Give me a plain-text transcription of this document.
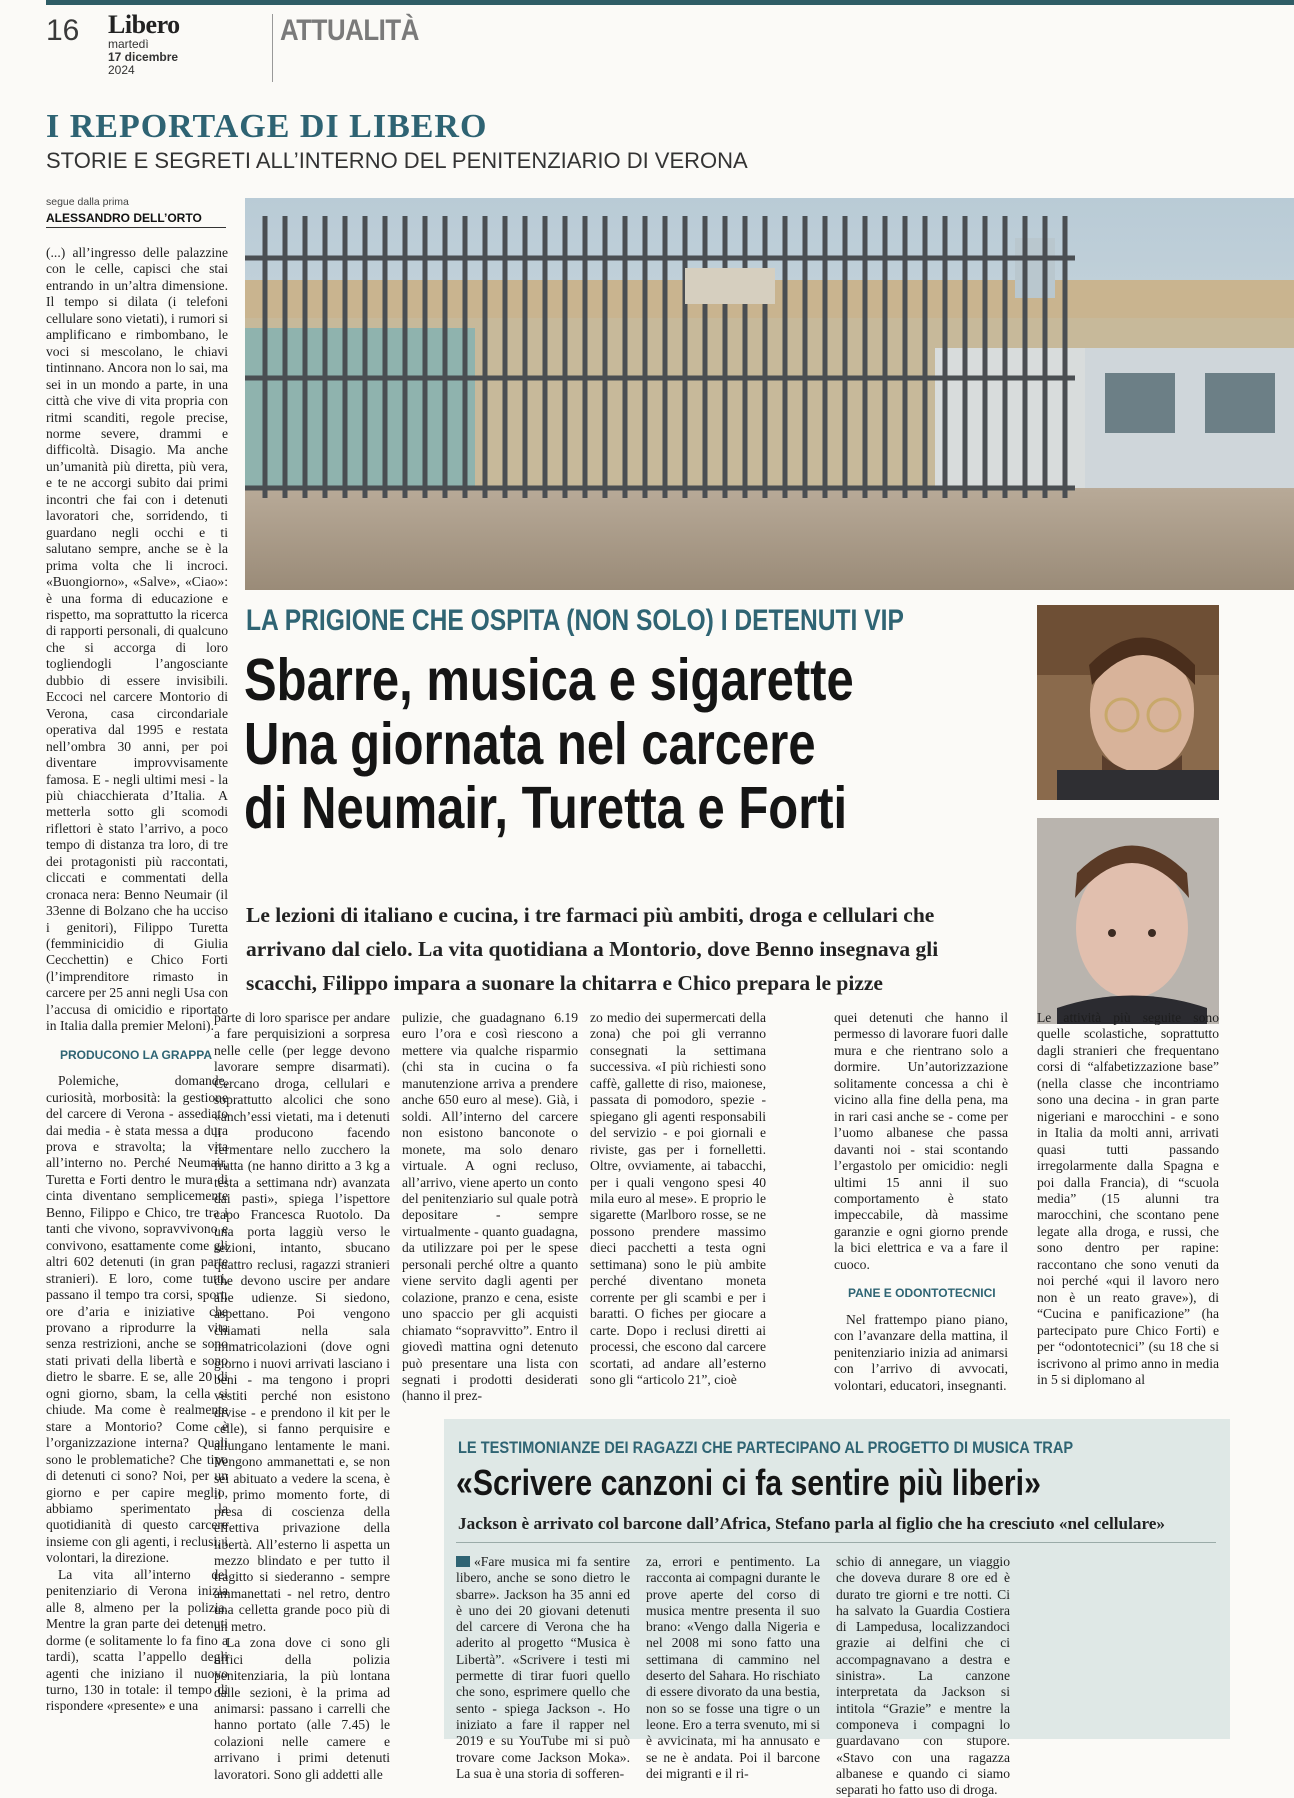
16 Libero
martedì
17 dicembre
2024
ATTUALITÀ
I REPORTAGE DI LIBERO
STORIE E SEGRETI ALL’INTERNO DEL PENITENZIARIO DI VERONA
segue dalla prima
ALESSANDRO DELL’ORTO
LA PRIGIONE CHE OSPITA (NON SOLO) I DETENUTI VIP
Sbarre, musica e sigarette
Una giornata nel carcere
di Neumair, Turetta e Forti
Le lezioni di italiano e cucina, i tre farmaci più ambiti, droga e cellulari che arrivano dal cielo. La vita quotidiana a Montorio, dove Benno insegnava gli scacchi, Filippo impara a suonare la chitarra e Chico prepara le pizze

(...) all’ingresso delle palazzine con le celle, capisci che stai entrando in un’altra dimensione. Il tempo si dilata (i telefoni cellulare sono vietati), i rumori si amplificano e rimbombano, le voci si mescolano, le chiavi tintinnano. Ancora non lo sai, ma sei in un mondo a parte, in una città che vive di vita propria con ritmi scanditi, regole precise, norme severe, drammi e difficoltà. Disagio. Ma anche un’umanità più diretta, più vera, e te ne accorgi subito dai primi incontri che fai con i detenuti lavoratori che, sorridendo, ti guardano negli occhi e ti salutano sempre, anche se è la prima volta che li incroci. «Buongiorno», «Salve», «Ciao»: è una forma di educazione e rispetto, ma soprattutto la ricerca di rapporti personali, di qualcuno che si accorga di loro togliendogli l’angosciante dubbio di essere invisibili. Eccoci nel carcere Montorio di Verona, casa circondariale operativa dal 1995 e restata nell’ombra 30 anni, per poi diventare improvvisamente famosa. E - negli ultimi mesi - la più chiacchierata d’Italia. A metterla sotto gli scomodi riflettori è stato l’arrivo, a poco tempo di distanza tra loro, di tre dei protagonisti più raccontati, cliccati e commentati della cronaca nera: Benno Neumair (il 33enne di Bolzano che ha ucciso i genitori), Filippo Turetta (femminicidio di Giulia Cecchettin) e Chico Forti (l’imprenditore rimasto in carcere per 25 anni negli Usa con l’accusa di omicidio e riportato in Italia dalla premier Meloni).

PRODUCONO LA GRAPPA

Polemiche, domande, curiosità, morbosità: la gestione del carcere di Verona - assediato dai media - è stata messa a dura prova e stravolta; la vita all’interno no. Perché Neumair, Turetta e Forti dentro le mura di cinta diventano semplicemente Benno, Filippo e Chico, tre tra i tanti che vivono, sopravvivono e convivono, esattamente come gli altri 602 detenuti (in gran parte stranieri). E loro, come tutti, passano il tempo tra corsi, sport, ore d’aria e iniziative che provano a riprodurre la vita senza restrizioni, anche se sono stati privati della libertà e sono dietro le sbarre. E se, alle 20 di ogni giorno, sbam, la cella si chiude. Ma come è realmente stare a Montorio? Come è l’organizzazione interna? Quali sono le problematiche? Che tipo di detenuti ci sono? Noi, per un giorno e per capire meglio, abbiamo sperimentato la quotidianità di questo carcere insieme con gli agenti, i reclusi, i volontari, la direzione.

La vita all’interno del penitenziario di Verona inizia alle 8, almeno per la polizia. Mentre la gran parte dei detenuti dorme (e solitamente lo fa fino a tardi), scatta l’appello degli agenti che iniziano il nuovo turno, 130 in totale: il tempo di rispondere «presente» e una

parte di loro sparisce per andare a fare perquisizioni a sorpresa nelle celle (per legge devono lavorare sempre disarmati). Cercano droga, cellulari e soprattutto alcolici che sono «anch’essi vietati, ma i detenuti li producono facendo fermentare nello zucchero la frutta (ne hanno diritto a 3 kg a testa a settimana ndr) avanzata dai pasti», spiega l’ispettore capo Francesca Ruotolo. Da una porta laggiù verso le sezioni, intanto, sbucano quattro reclusi, ragazzi stranieri che devono uscire per andare alle udienze. Si siedono, aspettano. Poi vengono chiamati nella sala immatricolazioni (dove ogni giorno i nuovi arrivati lasciano i beni - ma tengono i propri vestiti perché non esistono divise - e prendono il kit per le celle), si fanno perquisire e allungano lentamente le mani. Vengono ammanettati e, se non sei abituato a vedere la scena, è il primo momento forte, di presa di coscienza della effettiva privazione della libertà. All’esterno li aspetta un mezzo blindato e per tutto il tragitto si siederanno - sempre ammanettati - nel retro, dentro una celletta grande poco più di un metro.

La zona dove ci sono gli uffici della polizia penitenziaria, la più lontana dalle sezioni, è la prima ad animarsi: passano i carrelli che hanno portato (alle 7.45) le colazioni nelle camere e arrivano i primi detenuti lavoratori. Sono gli addetti alle

pulizie, che guadagnano 6.19 euro l’ora e così riescono a mettere via qualche risparmio (chi sta in cucina o fa manutenzione arriva a prendere anche 650 euro al mese). Già, i soldi. All’interno del carcere non esistono banconote o monete, ma solo denaro virtuale. A ogni recluso, all’arrivo, viene aperto un conto del penitenziario sul quale potrà depositare - sempre virtualmente - quanto guadagna, da utilizzare poi per le spese personali perché oltre a quanto viene servito dagli agenti per colazione, pranzo e cena, esiste uno spaccio per gli acquisti chiamato “sopravvitto”. Entro il giovedì mattina ogni detenuto può presentare una lista con segnati i prodotti desiderati (hanno il prez-

zo medio dei supermercati della zona) che poi gli verranno consegnati la settimana successiva. «I più richiesti sono caffè, gallette di riso, maionese, passata di pomodoro, spezie - spiegano gli agenti responsabili del servizio - e poi giornali e riviste, gas per i fornelletti. Oltre, ovviamente, ai tabacchi, per i quali vengono spesi 40 mila euro al mese». E proprio le sigarette (Marlboro rosse, se ne possono prendere massimo dieci pacchetti a testa ogni settimana) sono le più ambite perché diventano moneta corrente per gli scambi e per i baratti. O fiches per giocare a carte. Dopo i reclusi diretti ai processi, che escono dal carcere scortati, ad andare all’esterno sono gli “articolo 21”, cioè

quei detenuti che hanno il permesso di lavorare fuori dalle mura e che rientrano solo a dormire. Un’autorizzazione solitamente concessa a chi è vicino alla fine della pena, ma in rari casi anche se - come per l’uomo albanese che passa davanti noi - stai scontando l’ergastolo per omicidio: negli ultimi 15 anni il suo comportamento è stato impeccabile, dà massime garanzie e ogni giorno prende la bici elettrica e va a fare il cuoco.

PANE E ODONTOTECNICI

Nel frattempo piano piano, con l’avanzare della mattina, il penitenziario inizia ad animarsi con l’arrivo di avvocati, volontari, educatori, insegnanti.

Le attività più seguite sono quelle scolastiche, soprattutto dagli stranieri che frequentano corsi di “alfabetizzazione base” (nella classe che incontriamo sono una decina - in gran parte nigeriani e marocchini - e sono in Italia da molti anni, arrivati quasi tutti passando irregolarmente dalla Spagna e poi dalla Francia), di “scuola media” (15 alunni tra marocchini, che scontano pene legate alla droga, e russi, che sono dentro per rapine: raccontano che sono venuti da noi perché «qui il lavoro nero non è un reato grave»), di “Cucina e panificazione” (ha partecipato pure Chico Forti) e per “odontotecnici” (su 18 che si iscrivono al primo anno in media in 5 si diplomano al

LE TESTIMONIANZE DEI RAGAZZI CHE PARTECIPANO AL PROGETTO DI MUSICA TRAP
«Scrivere canzoni ci fa sentire più liberi»
Jackson è arrivato col barcone dall’Africa, Stefano parla al figlio che ha cresciuto «nel cellulare»
«Fare musica mi fa sentire libero, anche se sono dietro le sbarre». Jackson ha 35 anni ed è uno dei 20 giovani detenuti del carcere di Verona che ha aderito al progetto “Musica è Libertà”. «Scrivere i testi mi permette di tirar fuori quello che sono, esprimere quello che sento - spiega Jackson -. Ho iniziato a fare il rapper nel 2019 e su YouTube mi si può trovare come Jackson Moka». La sua è una storia di sofferen-
za, errori e pentimento. La racconta ai compagni durante le prove aperte del corso di musica mentre presenta il suo brano: «Vengo dalla Nigeria e nel 2008 mi sono fatto una settimana di cammino nel deserto del Sahara. Ho rischiato di essere divorato da una bestia, non so se fosse una tigre o un leone. Ero a terra svenuto, mi si è avvicinata, mi ha annusato e se ne è andata. Poi il barcone dei migranti e il ri-
schio di annegare, un viaggio che doveva durare 8 ore ed è durato tre giorni e tre notti. Ci ha salvato la Guardia Costiera di Lampedusa, localizzandoci grazie ai delfini che ci accompagnavano a destra e sinistra». La canzone interpretata da Jackson si intitola “Grazie” e mentre la componeva i compagni lo guardavano con stupore. «Stavo con una ragazza albanese e quando ci siamo separati ho fatto uso di droga.
